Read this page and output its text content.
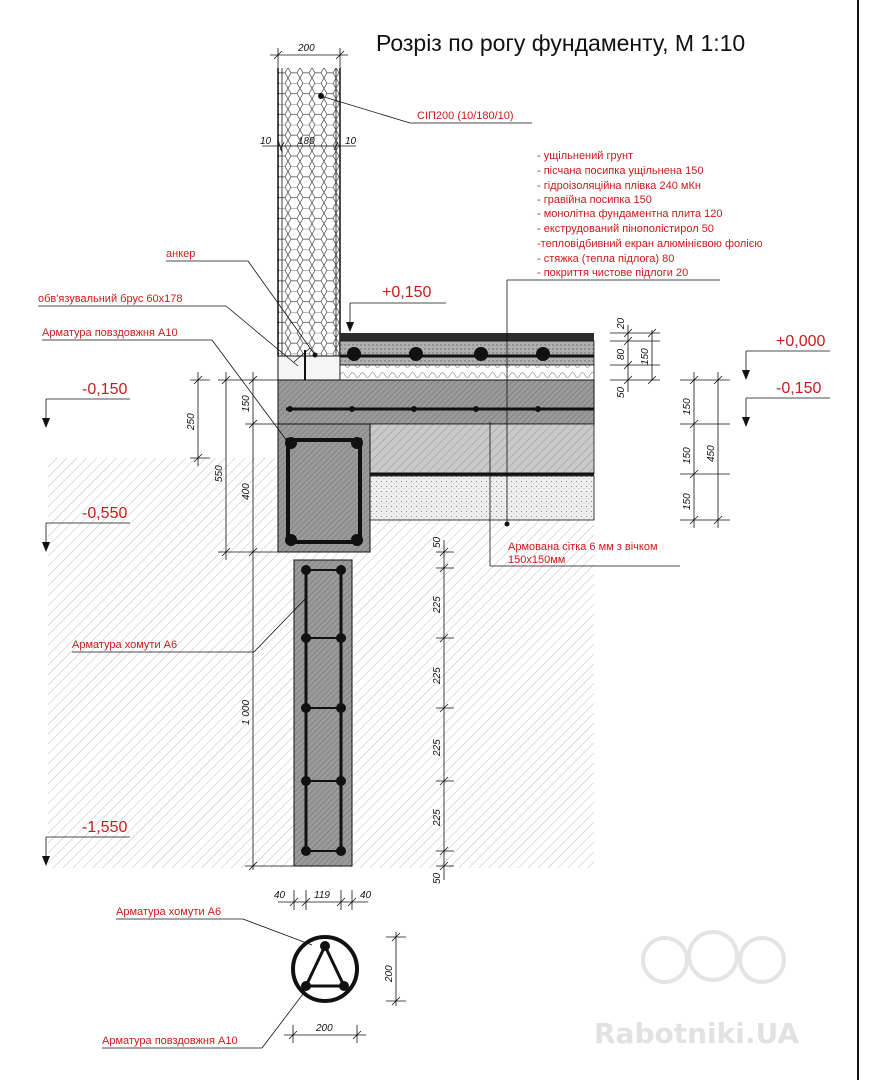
Розріз по рогу фундаменту, М 1:10
200
10	180	10
СІП200 (10/180/10)
- ущільнений грунт
- пісчана посипка ущільнена 150
- гідроізоляційна плівка 240 мКн
- гравійна посипка 150
- монолітна фундаментна плита 120
- екструдований пінополістирол 50
-тепловідбивний екран алюмінієвою фолією
- стяжка (тепла підлога) 80
- покриття чистове підлоги 20
анкер
обв'язувальний брус 60х178
Арматура повздовжня А10
+0,150
+0,000
-0,150
-0,150
-0,550
-1,550
20
80 150
50
150
150
150
450
250
550
150
400
1 000
50
225
225
225
225
50
Армована сітка 6 мм з вічком
150х150мм
Арматура хомути А6
40	119	40
Арматура хомути А6
Арматура повздовжня А10
200
200	Rabotniki.UA
